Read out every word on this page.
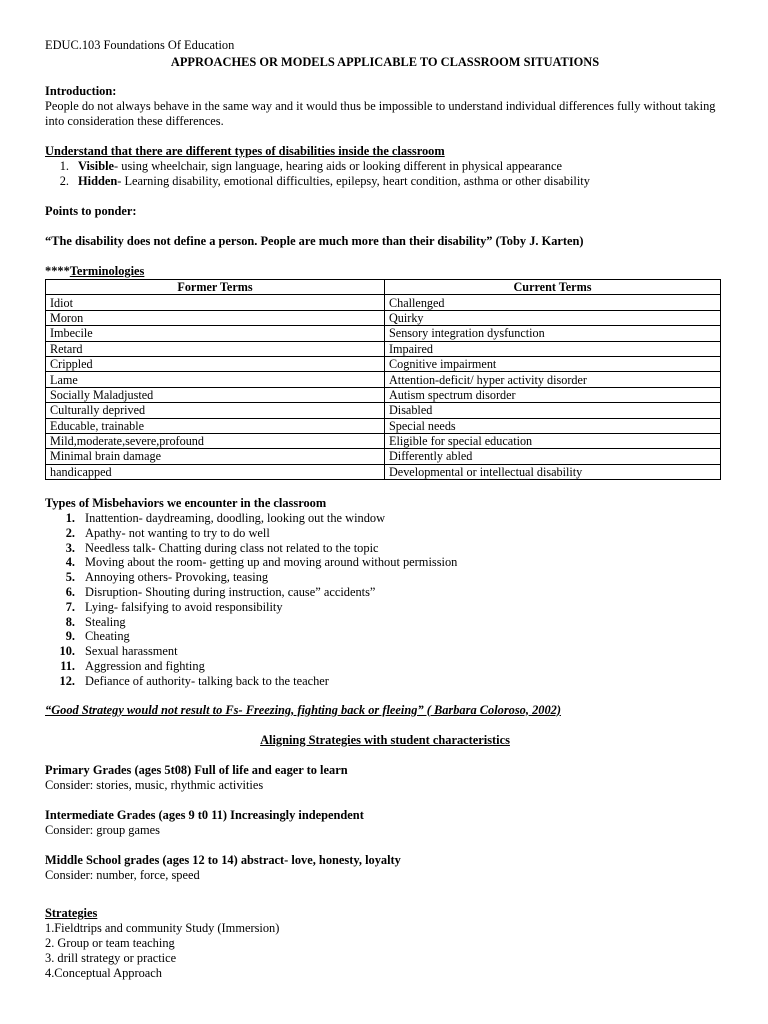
EDUC.103 Foundations Of Education

APPROACHES OR MODELS APPLICABLE TO CLASSROOM SITUATIONS

Introduction:

People do not always behave in the same way and it would thus be impossible to understand individual differences fully without taking into consideration these differences.

Understand that there are different types of disabilities inside the classroom

1. Visible- using wheelchair, sign language, hearing aids or looking different in physical appearance
2. Hidden- Learning disability, emotional difficulties, epilepsy, heart condition, asthma or other disability

Points to ponder:

“The disability does not define a person. People are much more than their disability” (Toby J. Karten)

****Terminologies

Former Terms	Current Terms
Idiot	Challenged
Moron	Quirky
Imbecile	Sensory integration dysfunction
Retard	Impaired
Crippled	Cognitive impairment
Lame	Attention-deficit/ hyper activity disorder
Socially Maladjusted	Autism spectrum disorder
Culturally deprived	Disabled
Educable, trainable	Special needs
Mild,moderate,severe,profound	Eligible for special education
Minimal brain damage	Differently abled
handicapped	Developmental or intellectual disability

Types of Misbehaviors we encounter in the classroom

1. Inattention- daydreaming, doodling, looking out the window
2. Apathy- not wanting to try to do well
3. Needless talk- Chatting during class not related to the topic
4. Moving about the room- getting up and moving around without permission
5. Annoying others- Provoking, teasing
6. Disruption- Shouting during instruction, cause” accidents”
7. Lying- falsifying to avoid responsibility
8. Stealing
9. Cheating
10. Sexual harassment
11. Aggression and fighting
12. Defiance of authority- talking back to the teacher

“Good Strategy would not result to Fs- Freezing, fighting back or fleeing” ( Barbara Coloroso, 2002)

Aligning Strategies with student characteristics

Primary Grades (ages 5t08) Full of life and eager to learn

Consider: stories, music, rhythmic activities

Intermediate Grades (ages 9 t0 11) Increasingly independent

Consider: group games

Middle School grades (ages 12 to 14) abstract- love, honesty, loyalty

Consider: number, force, speed

Strategies

1.Fieldtrips and community Study (Immersion)

2. Group or team teaching

3. drill strategy or practice

4.Conceptual Approach
